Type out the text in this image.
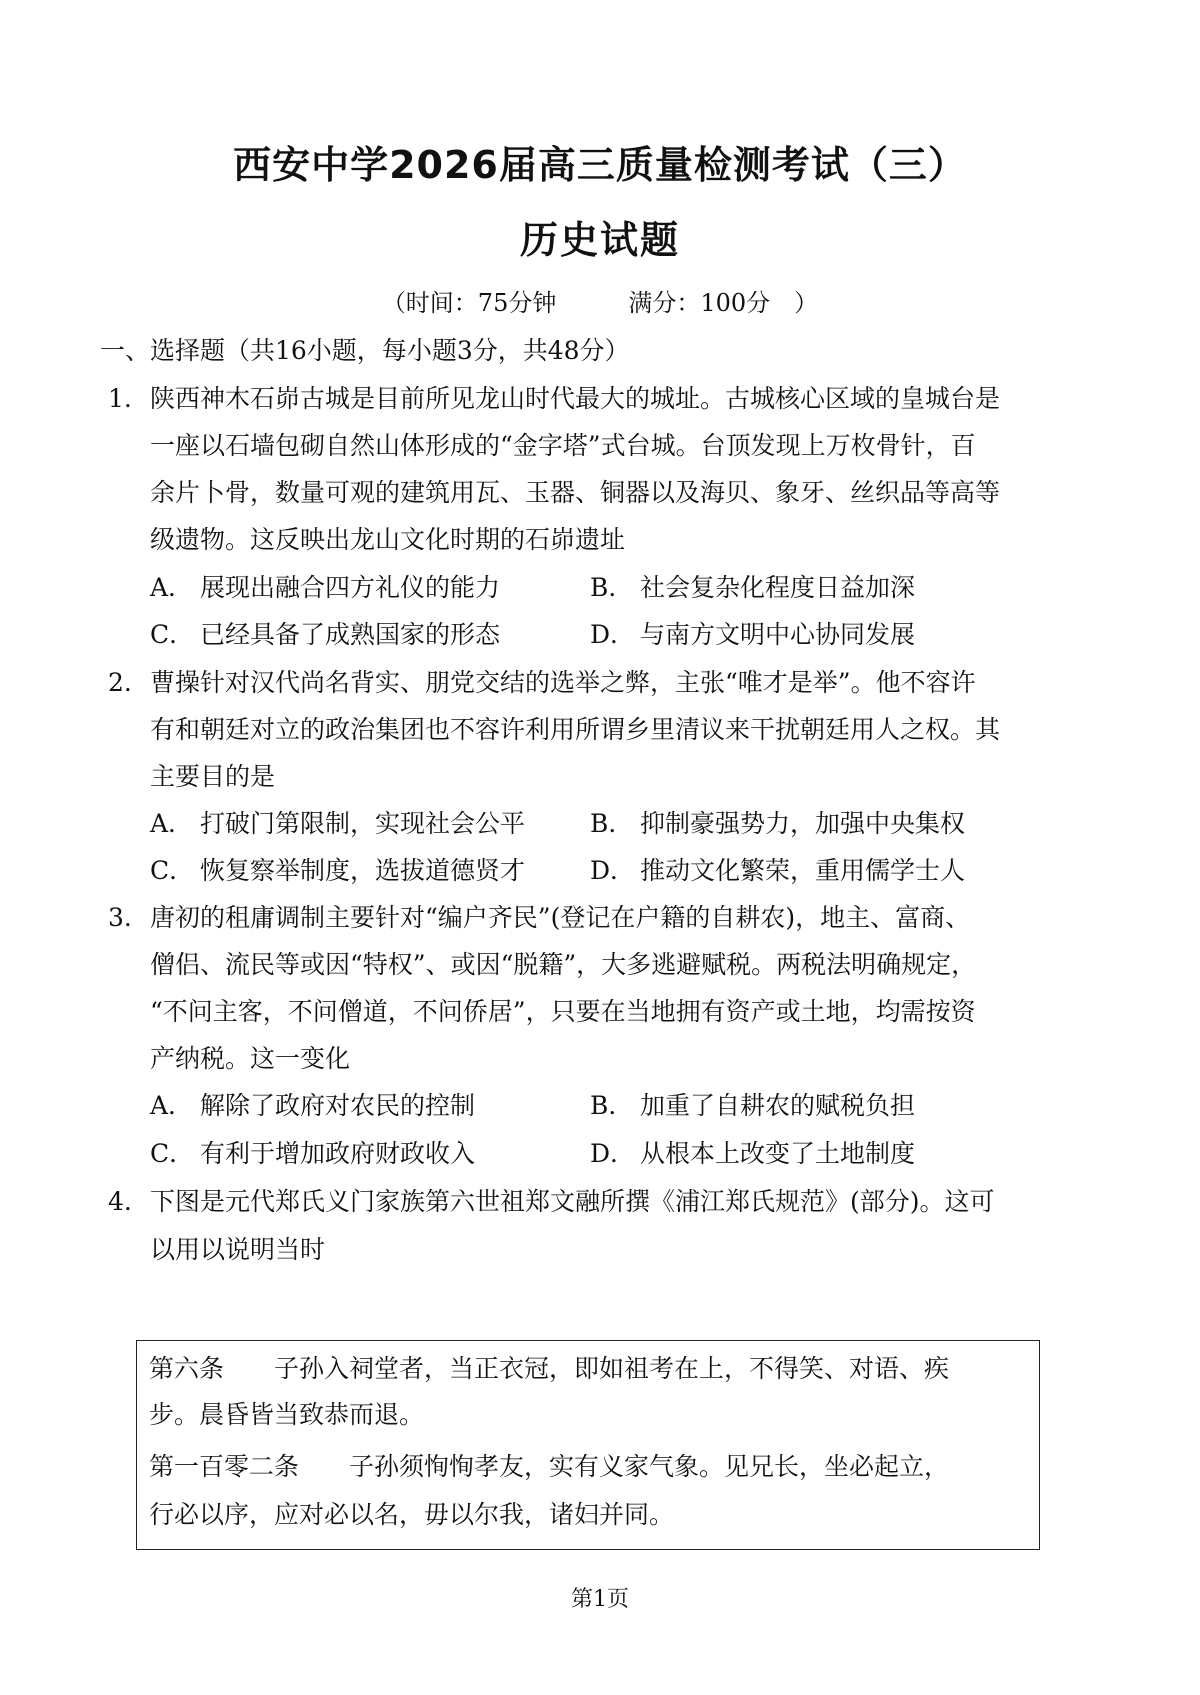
西安中学2026届高三质量检测考试（三）
历史试题
（时间：75分钟　　　	满分：100分　）
一、选择题（共16小题，每小题3分，共48分）
1. 陕西神木石峁古城是目前所见龙山时代最大的城址。古城核心区域的皇城台是
一座以石墙包砌自然山体形成的“金字塔”式台城。台顶发现上万枚骨针，百
余片卜骨，数量可观的建筑用瓦、玉器、铜器以及海贝、象牙、丝织品等高等
级遗物。这反映出龙山文化时期的石峁遗址
A． 展现出融合四方礼仪的能力	B． 社会复杂化程度日益加深
C． 已经具备了成熟国家的形态	D． 与南方文明中心协同发展
2. 曹操针对汉代尚名背实、朋党交结的选举之弊，主张“唯才是举”。他不容许
有和朝廷对立的政治集团也不容许利用所谓乡里清议来干扰朝廷用人之权。其
主要目的是
A． 打破门第限制，实现社会公平	B． 抑制豪强势力，加强中央集权
C． 恢复察举制度，选拔道德贤才	D． 推动文化繁荣，重用儒学士人
3. 唐初的租庸调制主要针对“编户齐民”(登记在户籍的自耕农)，地主、富商、
僧侣、流民等或因“特权”、或因“脱籍”，大多逃避赋税。两税法明确规定，
“不问主客，不问僧道，不问侨居”，只要在当地拥有资产或土地，均需按资
产纳税。这一变化
A． 解除了政府对农民的控制	B． 加重了自耕农的赋税负担
C． 有利于增加政府财政收入	D． 从根本上改变了土地制度
4. 下图是元代郑氏义门家族第六世祖郑文融所撰《浦江郑氏规范》(部分)。这可
以用以说明当时
第六条　　子孙入祠堂者，当正衣冠，即如祖考在上，不得笑、对语、疾
步。晨昏皆当致恭而退。
第一百零二条　　子孙须恂恂孝友，实有义家气象。见兄长，坐必起立，
行必以序，应对必以名，毋以尔我，诸妇并同。
第1页
